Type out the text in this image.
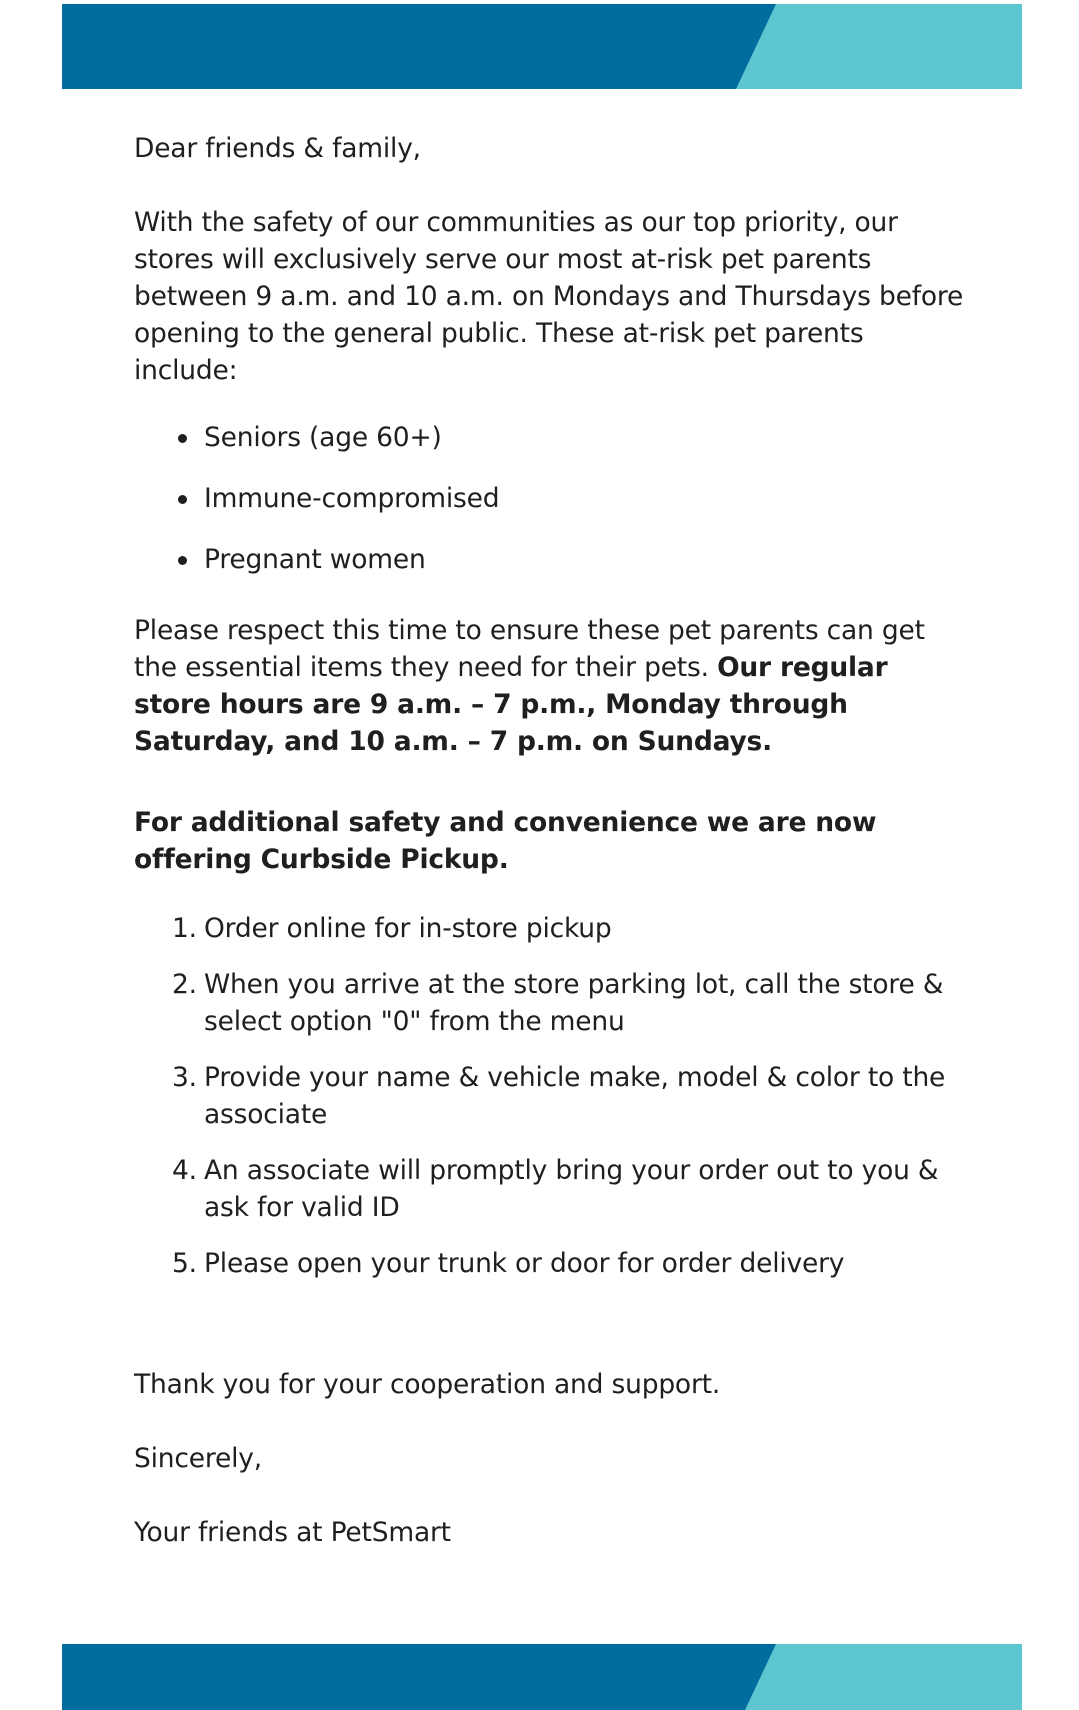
Dear friends & family,

With the safety of our communities as our top priority, our stores will exclusively serve our most at-risk pet parents between 9 a.m. and 10 a.m. on Mondays and Thursdays before opening to the general public. These at-risk pet parents include:

Seniors (age 60+)
Immune-compromised
Pregnant women

Please respect this time to ensure these pet parents can get the essential items they need for their pets. Our regular store hours are 9 a.m. – 7 p.m., Monday through Saturday, and 10 a.m. – 7 p.m. on Sundays.

For additional safety and convenience we are now offering Curbside Pickup.

1. Order online for in-store pickup
2. When you arrive at the store parking lot, call the store & select option "0" from the menu
3. Provide your name & vehicle make, model & color to the associate
4. An associate will promptly bring your order out to you & ask for valid ID
5. Please open your trunk or door for order delivery

Thank you for your cooperation and support.

Sincerely,

Your friends at PetSmart
